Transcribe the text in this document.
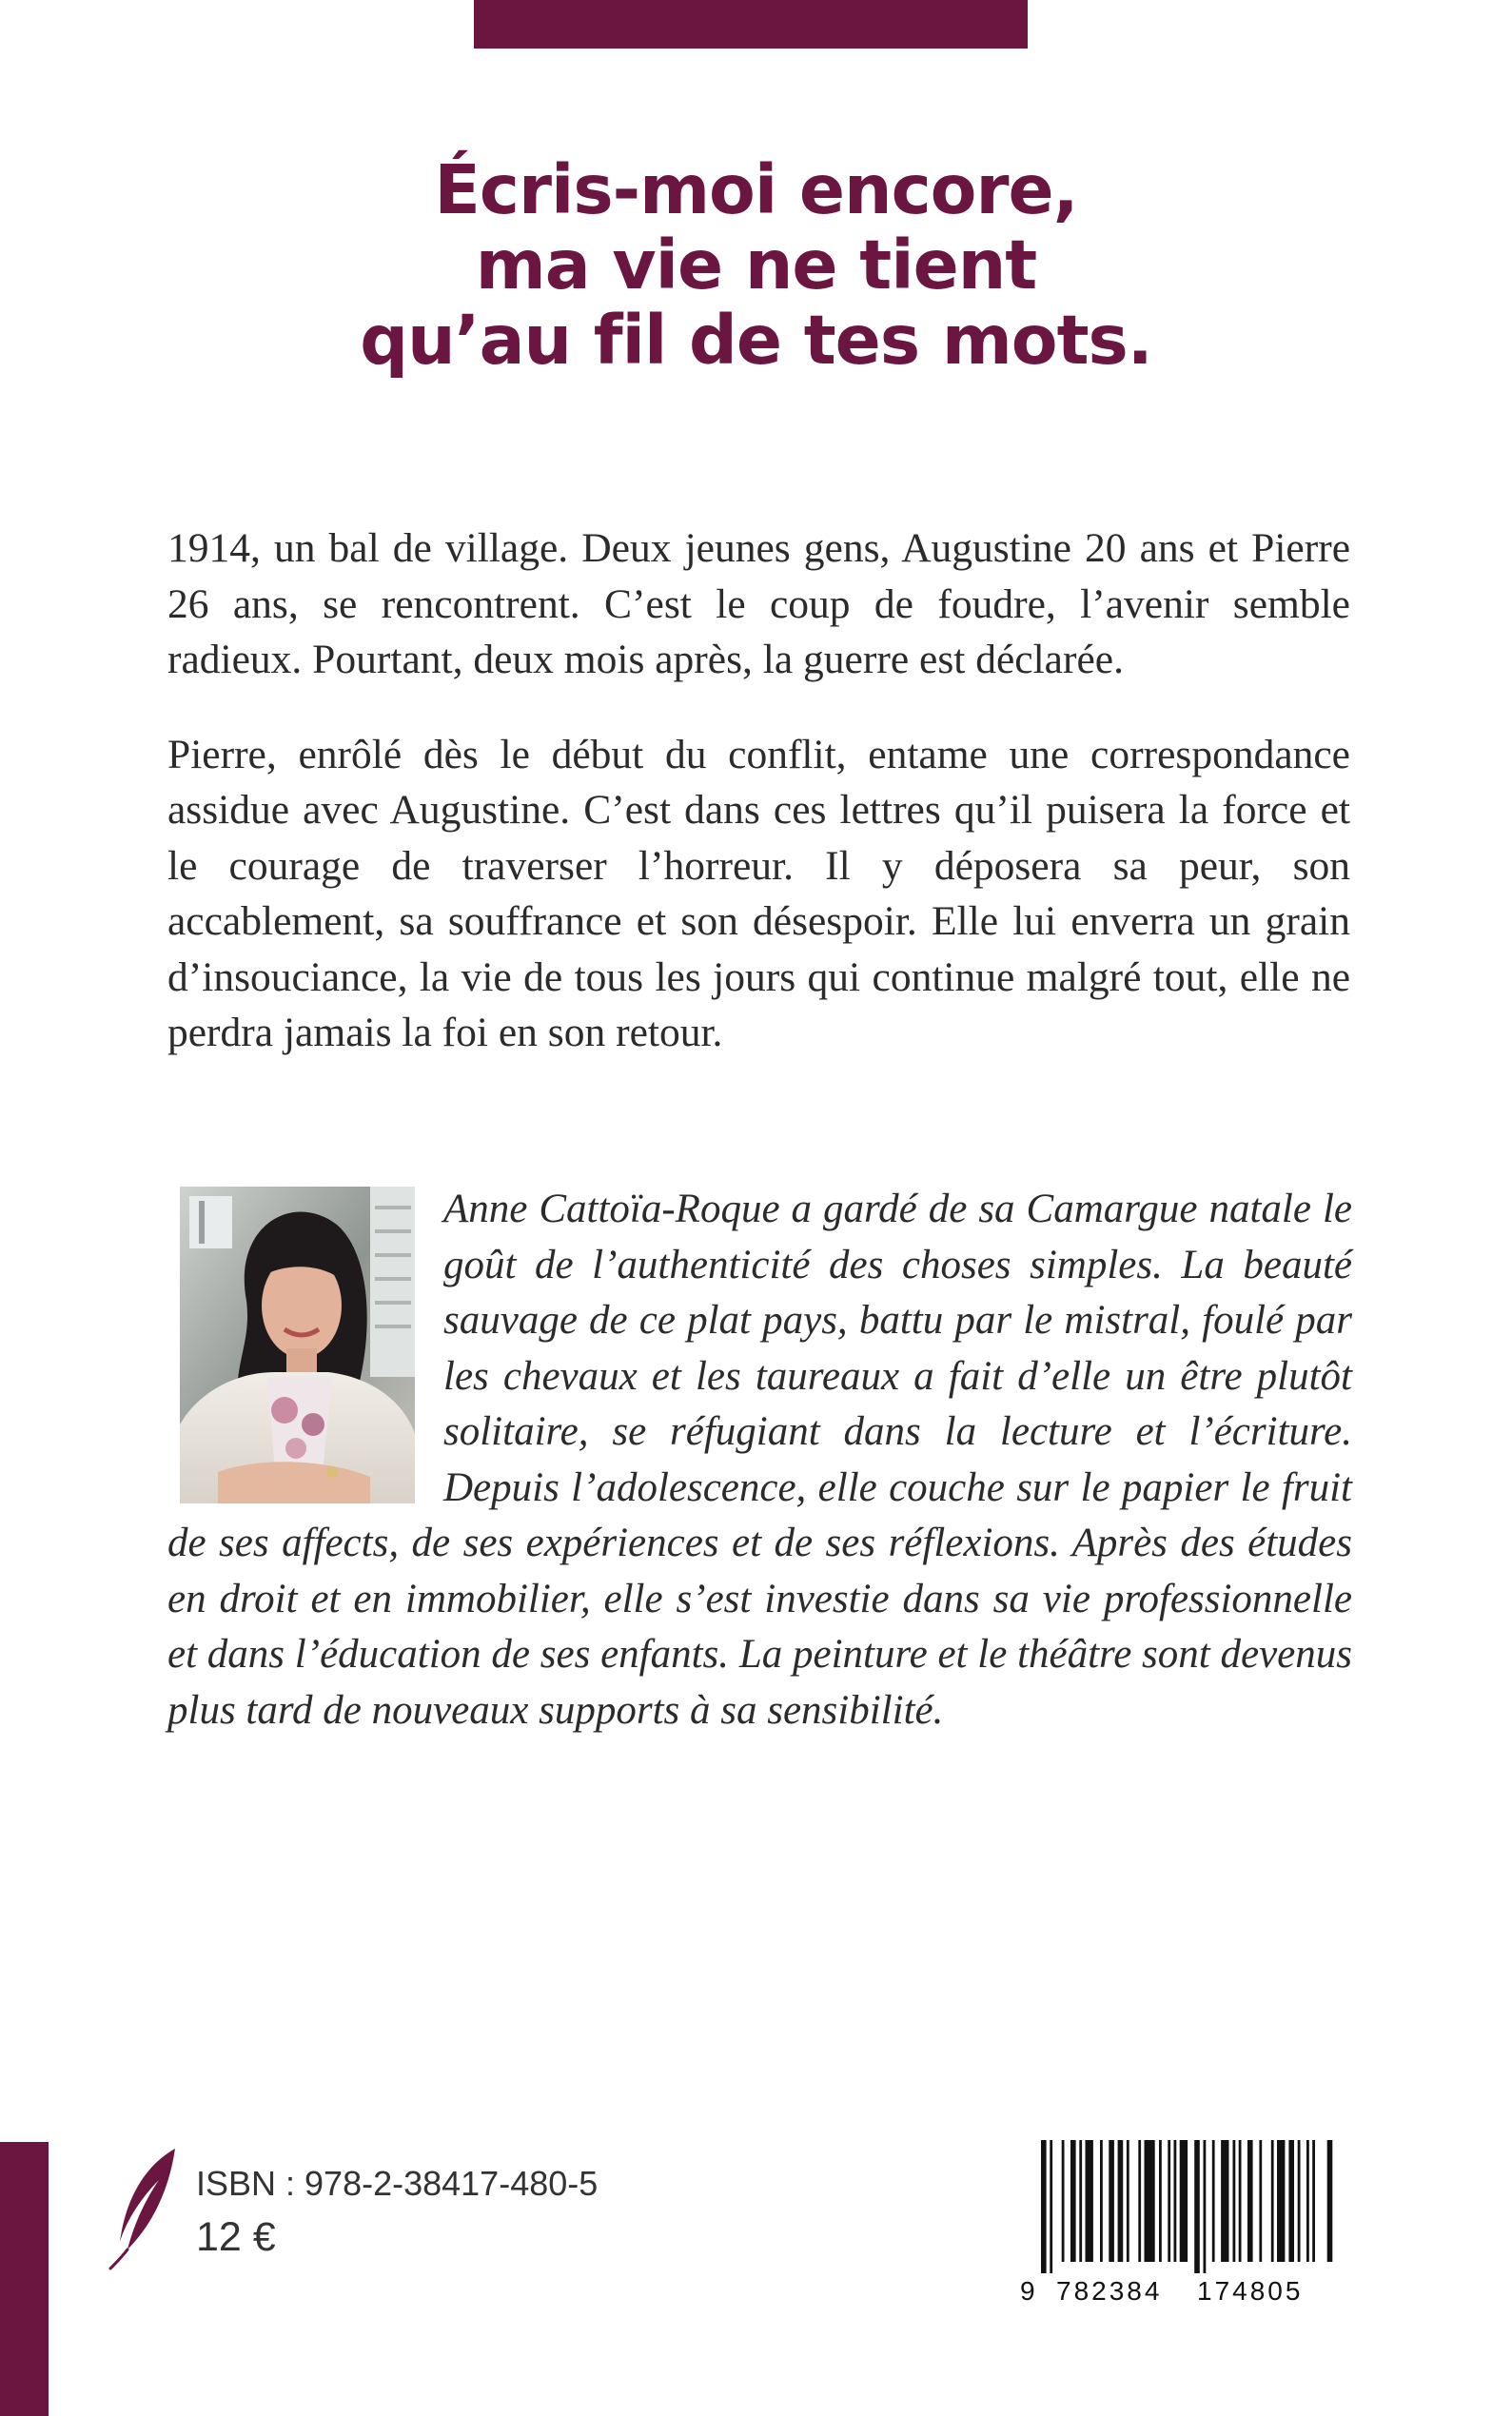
Écris-moi encore,
ma vie ne tient
qu’au fil de tes mots.

1914, un bal de village. Deux jeunes gens, Augustine 20 ans et Pierre 26 ans, se rencontrent. C’est le coup de foudre, l’avenir semble radieux. Pourtant, deux mois après, la guerre est déclarée.

Pierre, enrôlé dès le début du conflit, entame une correspondance assidue avec Augustine. C’est dans ces lettres qu’il puisera la force et le courage de traverser l’horreur. Il y déposera sa peur, son accablement, sa souffrance et son désespoir. Elle lui enverra un grain d’insouciance, la vie de tous les jours qui continue malgré tout, elle ne perdra jamais la foi en son retour.

Anne Cattoïa-Roque a gardé de sa Camargue natale le goût de l’authenticité des choses simples. La beauté sauvage de ce plat pays, battu par le mistral, foulé par les chevaux et les taureaux a fait d’elle un être plutôt solitaire, se réfugiant dans la lecture et l’écriture. Depuis l’adolescence, elle couche sur le papier le fruit de ses affects, de ses expériences et de ses réflexions. Après des études en droit et en immobilier, elle s’est investie dans sa vie professionnelle et dans l’éducation de ses enfants. La peinture et le théâtre sont devenus plus tard de nouveaux supports à sa sensibilité.

ISBN : 978-2-38417-480-5
12 €
9 782384 174805
